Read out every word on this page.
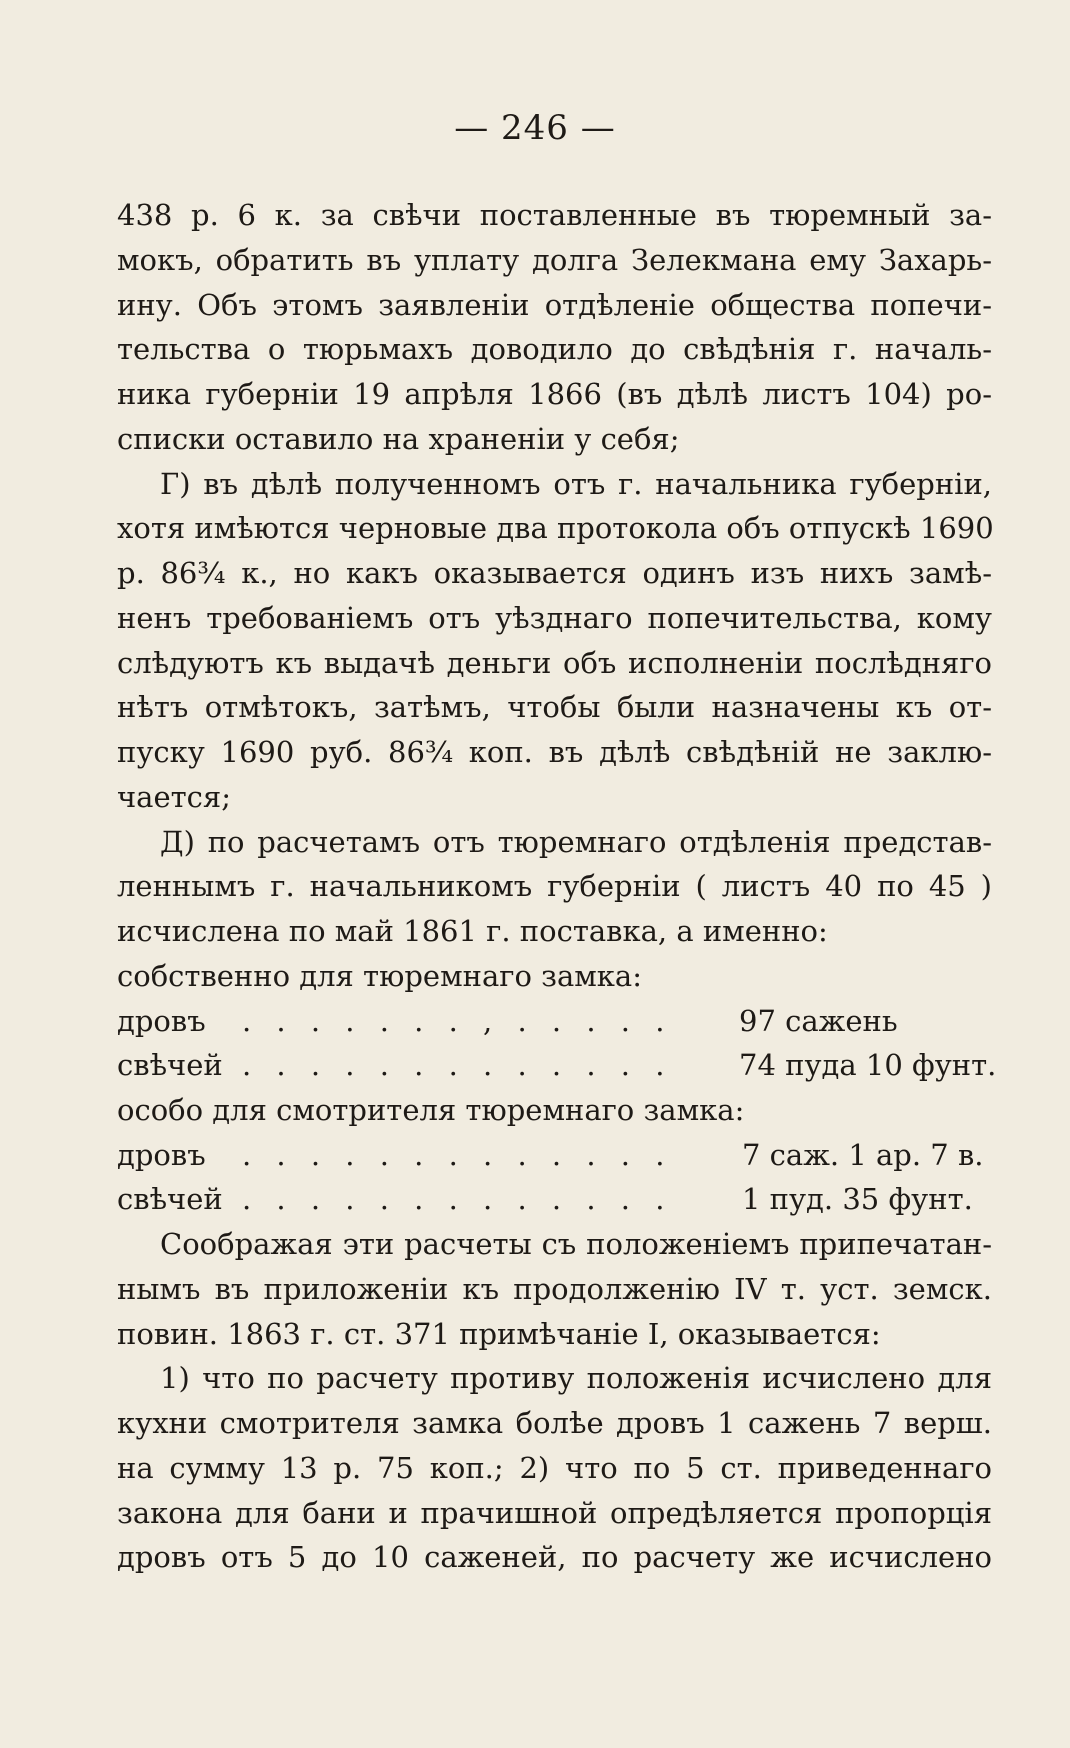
— 246 —
438 р. 6 к. за свѣчи поставленные въ тюремный за-
мокъ, обратить въ уплату долга Зелекмана ему Захарь-
ину. Объ этомъ заявленіи отдѣленіе общества попечи-
тельства о тюрьмахъ доводило до свѣдѣнія г. началь-
ника губерніи 19 апрѣля 1866 (въ дѣлѣ листъ 104) ро-
списки оставило на храненіи у себя;
Г) въ дѣлѣ полученномъ отъ г. начальника губерніи,
хотя имѣются черновые два протокола объ отпускѣ 1690
р. 86¾ к., но какъ оказывается одинъ изъ нихъ замѣ-
ненъ требованіемъ отъ уѣзднаго попечительства, кому
слѣдуютъ къ выдачѣ деньги объ исполненіи послѣдняго
нѣтъ отмѣтокъ, затѣмъ, чтобы были назначены къ от-
пуску 1690 руб. 86¾ коп. въ дѣлѣ свѣдѣній не заклю-
чается;
Д) по расчетамъ отъ тюремнаго отдѣленія представ-
леннымъ г. начальникомъ губерніи ( листъ 40 по 45 )
исчислена по май 1861 г. поставка, а именно:
собственно для тюремнаго замка:
дровъ . . . . . . . , . . . . . 97 сажень
свѣчей . . . . . . . . . . . . . 74 пуда 10 фунт.
особо для смотрителя тюремнаго замка:
дровъ . . . . . . . . . . . . . 7 саж. 1 ар. 7 в.
свѣчей . . . . . . . . . . . . . 1 пуд. 35 фунт.
Соображая эти расчеты съ положеніемъ припечатан-
нымъ въ приложеніи къ продолженію IV т. уст. земск.
повин. 1863 г. ст. 371 примѣчаніе I, оказывается:
1) что по расчету противу положенія исчислено для
кухни смотрителя замка болѣе дровъ 1 сажень 7 верш.
на сумму 13 р. 75 коп.; 2) что по 5 ст. приведеннаго
закона для бани и прачишной опредѣляется пропорція
дровъ отъ 5 до 10 саженей, по расчету же исчислено
